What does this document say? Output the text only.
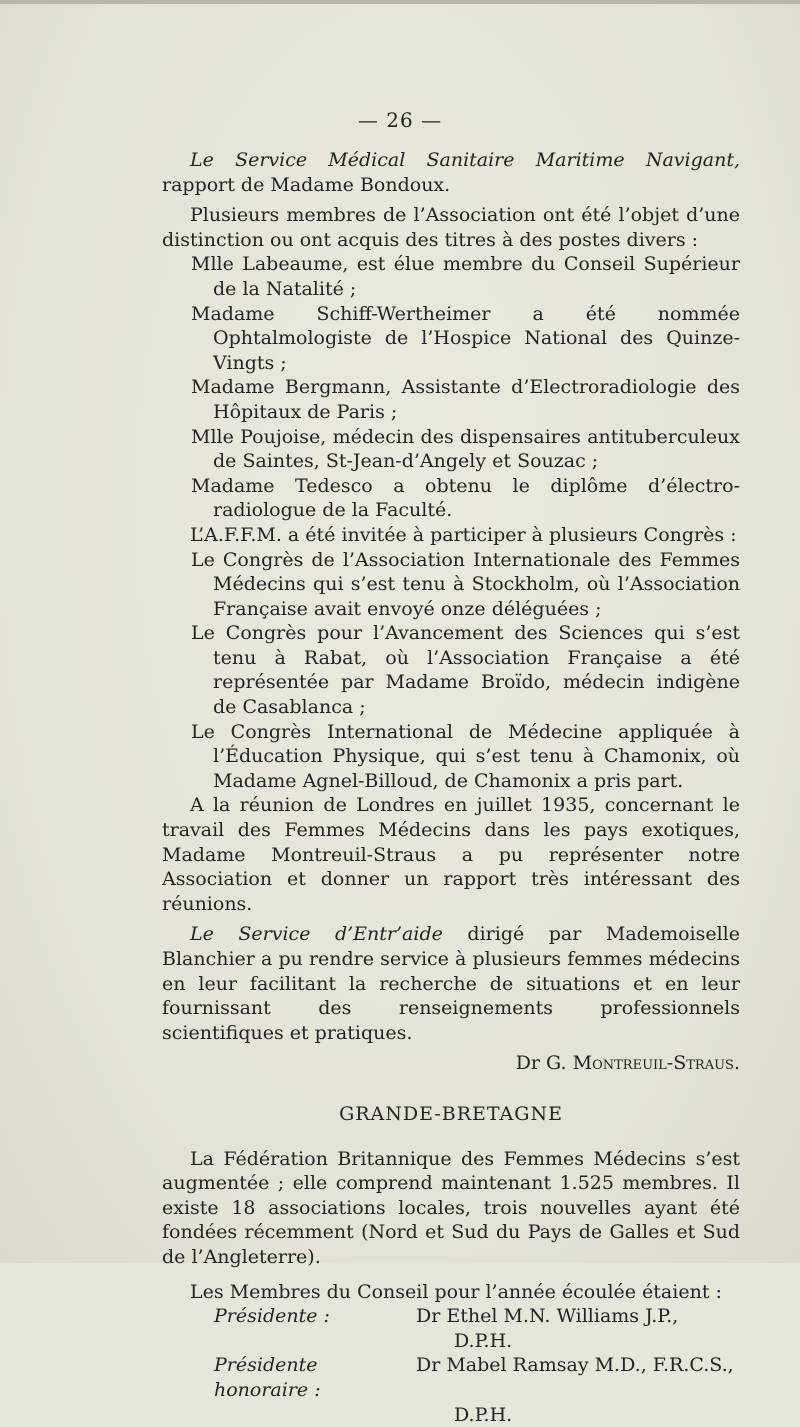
— 26 —

Le Service Médical Sanitaire Maritime Navigant, rapport de Madame Bondoux.

Plusieurs membres de l’Association ont été l’objet d’une distinction ou ont acquis des titres à des postes divers :

Mlle Labeaume, est élue membre du Conseil Supérieur de la Natalité ;

Madame Schiff-Wertheimer a été nommée Ophtalmologiste de l’Hospice National des Quinze-Vingts ;

Madame Bergmann, Assistante d’Electroradiologie des Hôpitaux de Paris ;

Mlle Poujoise, médecin des dispensaires antituberculeux de Saintes, St-Jean-d’Angely et Souzac ;

Madame Tedesco a obtenu le diplôme d’électro-radiologue de la Faculté.

L’A.F.F.M. a été invitée à participer à plusieurs Congrès :

Le Congrès de l’Association Internationale des Femmes Médecins qui s’est tenu à Stockholm, où l’Association Française avait envoyé onze déléguées ;

Le Congrès pour l’Avancement des Sciences qui s’est tenu à Rabat, où l’Association Française a été représentée par Madame Broïdo, médecin indigène de Casablanca ;

Le Congrès International de Médecine appliquée à l’Éducation Physique, qui s’est tenu à Chamonix, où Madame Agnel-Billoud, de Chamonix a pris part.

A la réunion de Londres en juillet 1935, concernant le travail des Femmes Médecins dans les pays exotiques, Madame Montreuil-Straus a pu représenter notre Association et donner un rapport très intéressant des réunions.

Le Service d’Entr’aide dirigé par Mademoiselle Blanchier a pu rendre service à plusieurs femmes médecins en leur facilitant la recherche de situations et en leur fournissant des renseignements professionnels scientifiques et pratiques.

Dr G. Montreuil-Straus.

GRANDE-BRETAGNE

La Fédération Britannique des Femmes Médecins s’est augmentée ; elle comprend maintenant 1.525 membres. Il existe 18 associations locales, trois nouvelles ayant été fondées récemment (Nord et Sud du Pays de Galles et Sud de l’Angleterre).

Les Membres du Conseil pour l’année écoulée étaient :

Présidente :	Dr Ethel M.N. Williams J.P.,

D.P.H.

Présidente honoraire :
Dr Mabel Ramsay M.D., F.R.C.S.,

D.P.H.
